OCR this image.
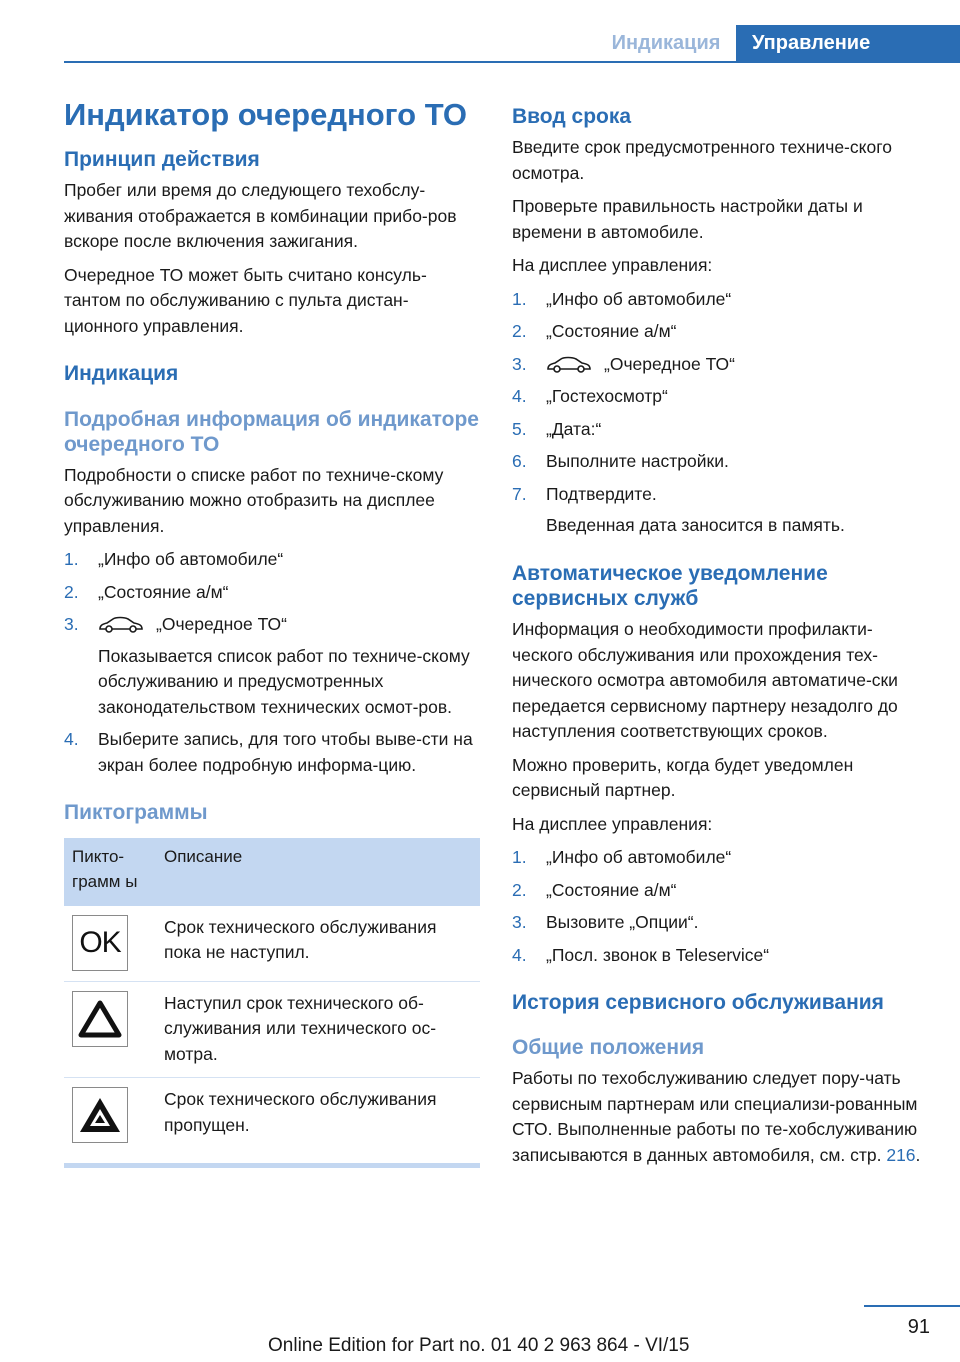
Индикация	Управление
Индикатор очередного ТО
Принцип действия

Пробег или время до следующего техобслу-живания отображается в комбинации прибо-ров вскоре после включения зажигания.

Очередное ТО может быть считано консуль-тантом по обслуживанию с пульта дистан-ционного управления.

Индикация
Подробная информация об индикаторе очередного ТО

Подробности о списке работ по техниче-скому обслуживанию можно отобразить на дисплее управления.

1. „Инфо об автомобиле“
2. „Состояние а/м“
3.	„Очередное ТО“
Показывается список работ по техниче-скому обслуживанию и предусмотренных законодательством технических осмот-ров.
4. Выберите запись, для того чтобы выве-сти на экран более подробную информа-цию.
Пиктограммы
Пикто-грамм ы	Описание

OK	Срок технического обслуживания пока не наступил.

	Наступил срок технического об-служивания или технического ос-мотра.

	Срок технического обслуживания пропущен.
Ввод срока

Введите срок предусмотренного техниче-ского осмотра.

Проверьте правильность настройки даты и времени в автомобиле.

На дисплее управления:

1. „Инфо об автомобиле“
2. „Состояние а/м“
3.	„Очередное ТО“
4. „Гостехосмотр“
5. „Дата:“
6. Выполните настройки.
7. Подтвердите.
Введенная дата заносится в память.
Автоматическое уведомление сервисных служб

Информация о необходимости профилакти-ческого обслуживания или прохождения тех-нического осмотра автомобиля автоматиче-ски передается сервисному партнеру незадолго до наступления соответствующих сроков.

Можно проверить, когда будет уведомлен сервисный партнер.

На дисплее управления:

1. „Инфо об автомобиле“
2. „Состояние а/м“
3. Вызовите „Опции“.
4. „Посл. звонок в Teleservice“
История сервисного обслуживания
Общие положения

Работы по техобслуживанию следует пору-чать сервисным партнерам или специализи-рованным СТО. Выполненные работы по те-хобслуживанию записываются в данных автомобиля, см. стр. 216.

91
Online Edition for Part no. 01 40 2 963 864 - VI/15
